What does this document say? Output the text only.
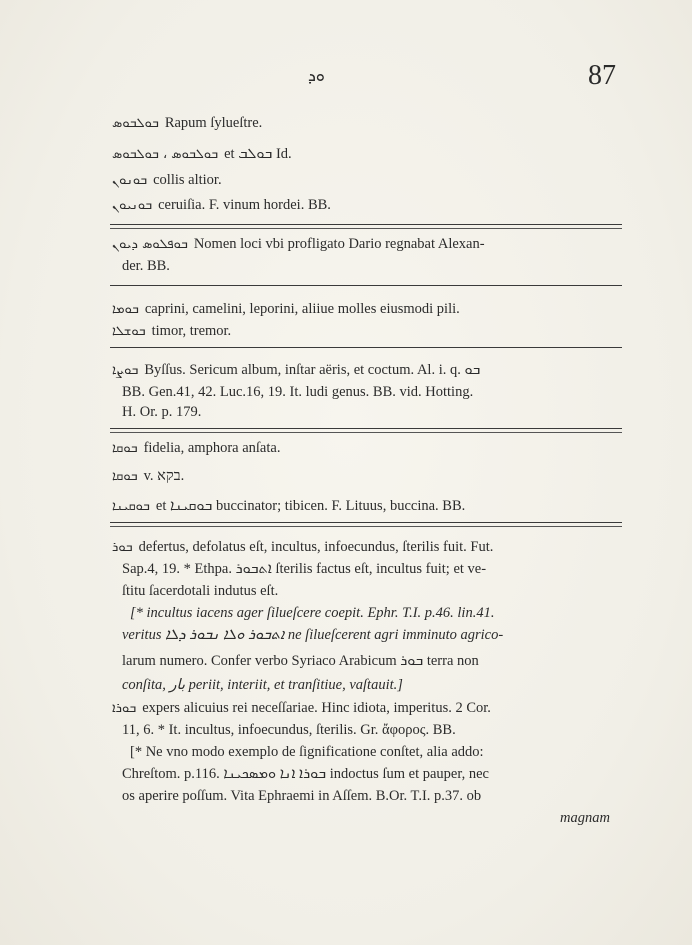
ܘܕ	87
ܒܘܠܒܘܣ Rapum ſylueſtre.
ܒܘܠܒܘܣ ، ܒܘܠܒܘܣ et ܒܘܠܒ Id.
ܒܘܢܘܢ collis altior.
ܒܘܢܝܘܢ ceruiſia. F. vinum hordei. BB.
ܒܘܦܠܘܣ ܕܝܘܢ Nomen loci vbi profligato Dario regnabat Alexan-
der. BB.
ܒܘܡܐ caprini, camelini, leporini, aliiue molles eiusmodi pili.
ܒܘܫܠܐ timor, tremor.
ܒܘܨܐ Byſſus. Sericum album, inſtar aëris, et coctum. Al. i. q. ܒܘ
BB. Gen.41, 42. Luc.16, 19. It. ludi genus. BB. vid. Hotting.
H. Or. p. 179.
ܒܘܩܐ fidelia, amphora anſata.
ܒܘܩܐ v. בקא.
ܒܘܩܝܢܐ et ܒܘܩܝܢܐ buccinator; tibicen. F. Lituus, buccina. BB.
ܒܘܪ defertus, defolatus eſt, incultus, infoecundus, ſterilis fuit. Fut.
Sap.4, 19. * Ethpa. ܐܬܒܘܪ ſterilis factus eſt, incultus fuit; et ve-
ſtitu ſacerdotali indutus eſt.
[* incultus iacens ager ſilueſcere coepit. Ephr. T.I. p.46. lin.41.
veritus ܐܬܒܘܪ ܘܠܐ ܢܒܘܪ ܕܠܐ ne ſilueſcerent agri imminuto agrico-
larum numero. Confer verbo Syriaco Arabicum ܒܘܪ terra non
conſita, بار periit, interiit, et tranſitiue, vaſtauit.]
ܒܘܪܐ expers alicuius rei neceſſariae. Hinc idiota, imperitus. 2 Cor.
11, 6. * It. incultus, infoecundus, ſterilis. Gr. ἄφορος. BB.
[* Ne vno modo exemplo de ſignificatione conſtet, alia addo:
Chreſtom. p.116. ܒܘܪܐ ܐܢܐ ܘܡܣܟܝܢܐ indoctus ſum et pauper, nec
os aperire poſſum. Vita Ephraemi in Aſſem. B.Or. T.I. p.37. ob
magnam
